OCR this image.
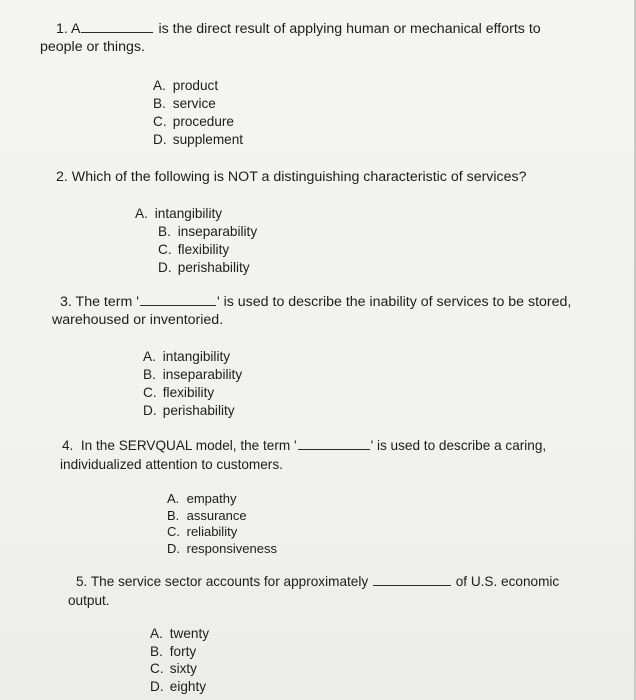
1. A	is the direct result of applying human or mechanical efforts to
people or things.
A. product
B. service
C. procedure
D. supplement
2. Which of the following is NOT a distinguishing characteristic of services?
A. intangibility
B. inseparability
C. flexibility
D. perishability
3. The term '	' is used to describe the inability of services to be stored,
warehoused or inventoried.
A. intangibility
B. inseparability
C. flexibility
D. perishability
4. In the SERVQUAL model, the term '	' is used to describe a caring,
individualized attention to customers.
A. empathy
B. assurance
C. reliability
D. responsiveness
5. The service sector accounts for approximately	of U.S. economic
output.
A. twenty
B. forty
C. sixty
D. eighty
